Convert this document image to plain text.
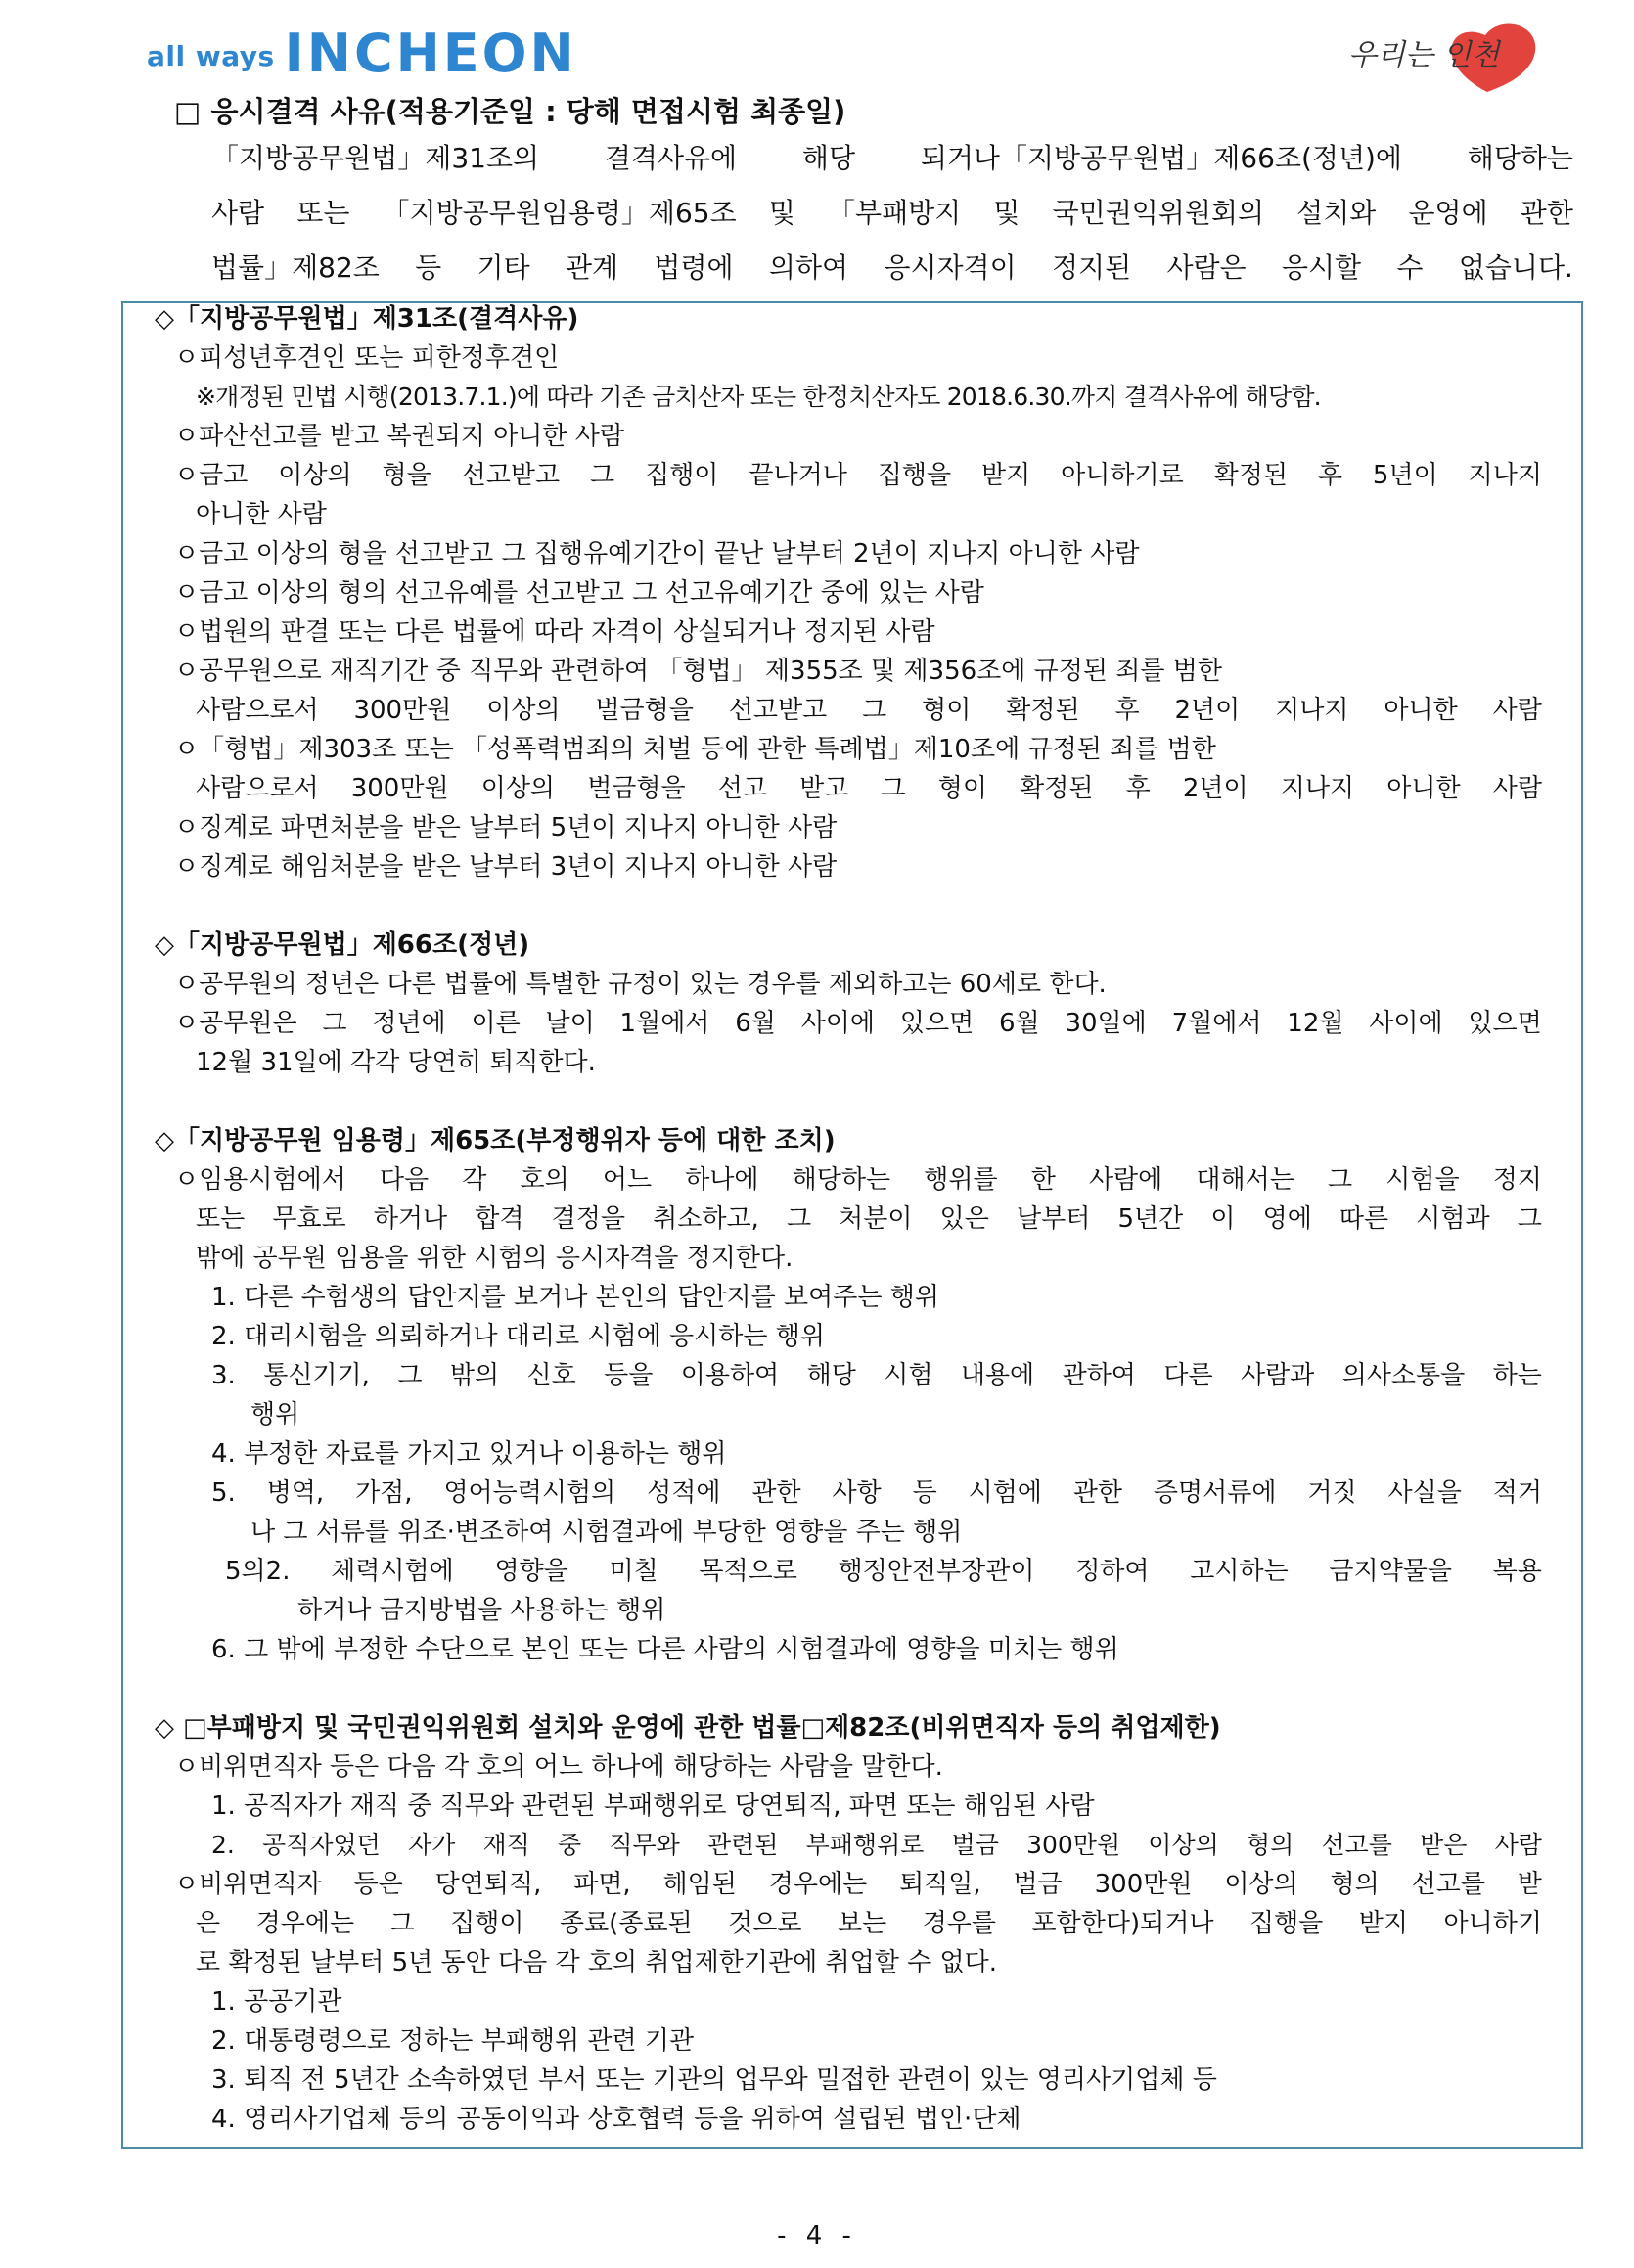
all ways INCHEON	우리는 인천
□ 응시결격 사유(적용기준일 : 당해 면접시험 최종일)
「지방공무원법」제31조의 결격사유에 해당 되거나「지방공무원법」제66조(정년)에 해당하는
사람 또는 「지방공무원임용령」제65조 및 「부패방지 및 국민권익위원회의 설치와 운영에 관한
법률」제82조 등 기타 관계 법령에 의하여 응시자격이 정지된 사람은 응시할 수 없습니다.
◇「지방공무원법」제31조(결격사유)
ㅇ피성년후견인 또는 피한정후견인
※개정된 민법 시행(2013.7.1.)에 따라 기존 금치산자 또는 한정치산자도 2018.6.30.까지 결격사유에 해당함.
ㅇ파산선고를 받고 복권되지 아니한 사람
ㅇ금고 이상의 형을 선고받고 그 집행이 끝나거나 집행을 받지 아니하기로 확정된 후 5년이 지나지
아니한 사람
ㅇ금고 이상의 형을 선고받고 그 집행유예기간이 끝난 날부터 2년이 지나지 아니한 사람
ㅇ금고 이상의 형의 선고유예를 선고받고 그 선고유예기간 중에 있는 사람
ㅇ법원의 판결 또는 다른 법률에 따라 자격이 상실되거나 정지된 사람
ㅇ공무원으로 재직기간 중 직무와 관련하여 「형법」 제355조 및 제356조에 규정된 죄를 범한
사람으로서 300만원 이상의 벌금형을 선고받고 그 형이 확정된 후 2년이 지나지 아니한 사람
ㅇ「형법」제303조 또는 「성폭력범죄의 처벌 등에 관한 특례법」제10조에 규정된 죄를 범한
사람으로서 300만원 이상의 벌금형을 선고 받고 그 형이 확정된 후 2년이 지나지 아니한 사람
ㅇ징계로 파면처분을 받은 날부터 5년이 지나지 아니한 사람
ㅇ징계로 해임처분을 받은 날부터 3년이 지나지 아니한 사람
◇「지방공무원법」제66조(정년)
ㅇ공무원의 정년은 다른 법률에 특별한 규정이 있는 경우를 제외하고는 60세로 한다.
ㅇ공무원은 그 정년에 이른 날이 1월에서 6월 사이에 있으면 6월 30일에 7월에서 12월 사이에 있으면
12월 31일에 각각 당연히 퇴직한다.
◇「지방공무원 임용령」제65조(부정행위자 등에 대한 조치)
ㅇ임용시험에서 다음 각 호의 어느 하나에 해당하는 행위를 한 사람에 대해서는 그 시험을 정지
또는 무효로 하거나 합격 결정을 취소하고, 그 처분이 있은 날부터 5년간 이 영에 따른 시험과 그
밖에 공무원 임용을 위한 시험의 응시자격을 정지한다.
1. 다른 수험생의 답안지를 보거나 본인의 답안지를 보여주는 행위
2. 대리시험을 의뢰하거나 대리로 시험에 응시하는 행위
3. 통신기기, 그 밖의 신호 등을 이용하여 해당 시험 내용에 관하여 다른 사람과 의사소통을 하는
행위
4. 부정한 자료를 가지고 있거나 이용하는 행위
5. 병역, 가점, 영어능력시험의 성적에 관한 사항 등 시험에 관한 증명서류에 거짓 사실을 적거
나 그 서류를 위조·변조하여 시험결과에 부당한 영향을 주는 행위
5의2. 체력시험에 영향을 미칠 목적으로 행정안전부장관이 정하여 고시하는 금지약물을 복용
하거나 금지방법을 사용하는 행위
6. 그 밖에 부정한 수단으로 본인 또는 다른 사람의 시험결과에 영향을 미치는 행위
◇ □부패방지 및 국민권익위원회 설치와 운영에 관한 법률□제82조(비위면직자 등의 취업제한)
ㅇ비위면직자 등은 다음 각 호의 어느 하나에 해당하는 사람을 말한다.
1. 공직자가 재직 중 직무와 관련된 부패행위로 당연퇴직, 파면 또는 해임된 사람
2. 공직자였던 자가 재직 중 직무와 관련된 부패행위로 벌금 300만원 이상의 형의 선고를 받은 사람
ㅇ비위면직자 등은 당연퇴직, 파면, 해임된 경우에는 퇴직일, 벌금 300만원 이상의 형의 선고를 받
은 경우에는 그 집행이 종료(종료된 것으로 보는 경우를 포함한다)되거나 집행을 받지 아니하기
로 확정된 날부터 5년 동안 다음 각 호의 취업제한기관에 취업할 수 없다.
1. 공공기관
2. 대통령령으로 정하는 부패행위 관련 기관
3. 퇴직 전 5년간 소속하였던 부서 또는 기관의 업무와 밀접한 관련이 있는 영리사기업체 등
4. 영리사기업체 등의 공동이익과 상호협력 등을 위하여 설립된 법인·단체
- 4 -
